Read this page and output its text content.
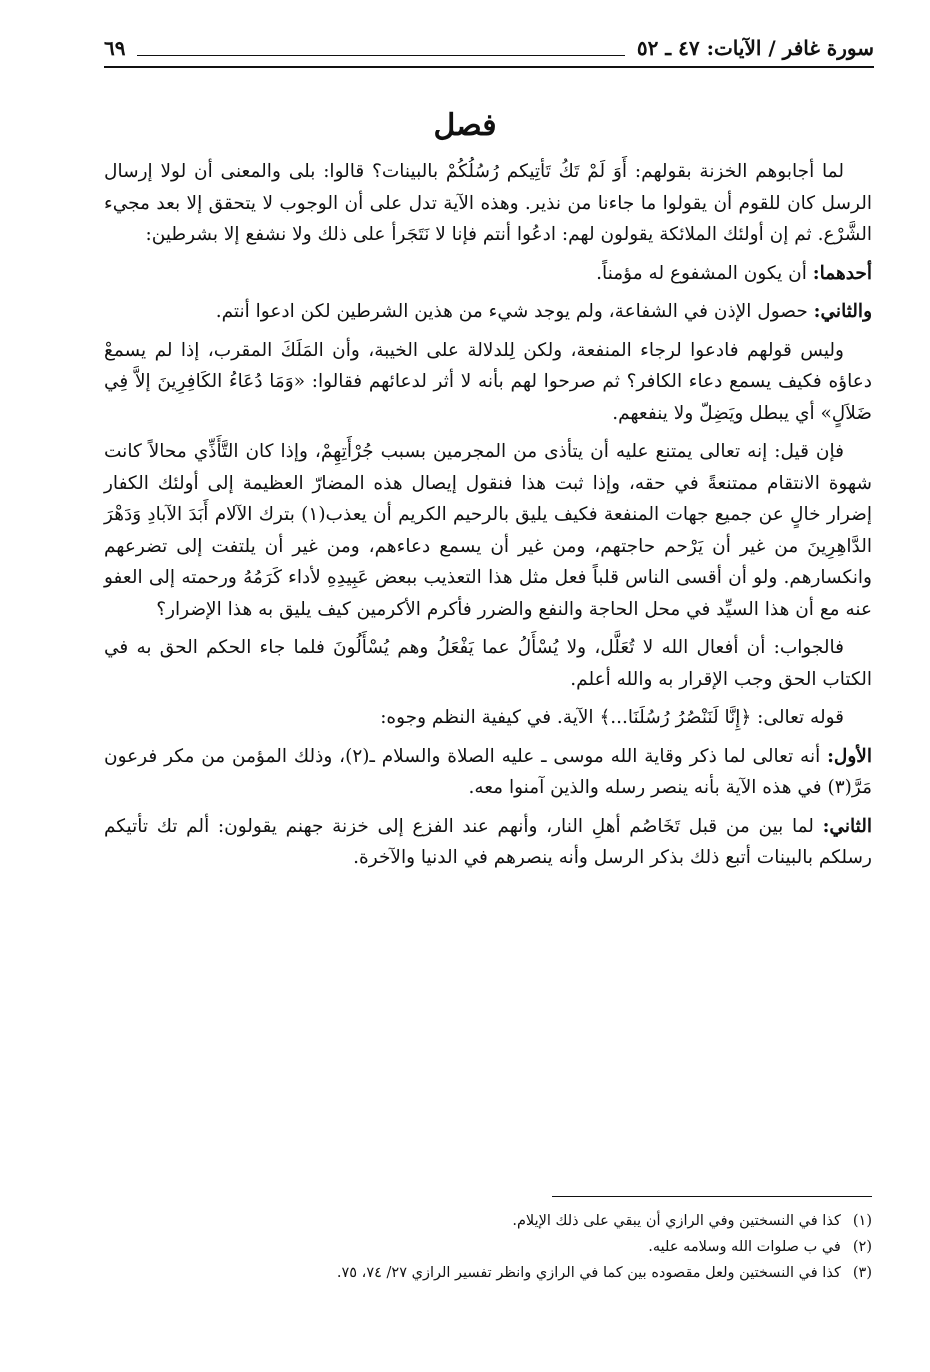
سورة غافر / الآيات: ٤٧ ـ ٥٢
٦٩
فصل

لما أجابوهم الخزنة بقولهم: أَوَ لَمْ تَكُ تَأتِيكم رُسُلُكُمْ بالبينات؟ قالوا: بلى والمعنى أن لولا إرسال الرسل كان للقوم أن يقولوا ما جاءنا من نذير. وهذه الآية تدل على أن الوجوب لا يتحقق إلا بعد مجيء الشَّرْع. ثم إن أولئك الملائكة يقولون لهم: ادعُوا أنتم فإنا لا نَتَجَرأ على ذلك ولا نشفع إلا بشرطين:

أحدهما: أن يكون المشفوع له مؤمناً.

والثاني: حصول الإذن في الشفاعة، ولم يوجد شيء من هذين الشرطين لكن ادعوا أنتم.

وليس قولهم فادعوا لرجاء المنفعة، ولكن لِلدلالة على الخيبة، وأن المَلَكَ المقرب، إذا لم يسمعْ دعاؤه فكيف يسمع دعاء الكافر؟ ثم صرحوا لهم بأنه لا أثر لدعائهم فقالوا: «وَمَا دُعَاءُ الكَافِرِينَ إلاَّ فِي ضَلاَلٍ» أي يبطل ويَضِلّ ولا ينفعهم.

فإن قيل: إنه تعالى يمتنع عليه أن يتأذى من المجرمين بسبب جُرْأَتِهِمْ، وإذا كان التَّأَذِّي محالاً كانت شهوة الانتقام ممتنعةً في حقه، وإذا ثبت هذا فنقول إيصال هذه المضارّ العظيمة إلى أولئك الكفار إضرار خالٍ عن جميع جهات المنفعة فكيف يليق بالرحيم الكريم أن يعذب(١) بترك الآلام أَبَدَ الآبادِ وَدَهْرَ الدَّاهِرِينَ من غير أن يَرْحم حاجتهم، ومن غير أن يسمع دعاءهم، ومن غير أن يلتفت إلى تضرعهم وانكسارهم. ولو أن أقسى الناس قلباً فعل مثل هذا التعذيب ببعض عَبِيدِهِ لأداء كَرَمُهُ ورحمته إلى العفو عنه مع أن هذا السيِّد في محل الحاجة والنفع والضرر فأكرم الأكرمين كيف يليق به هذا الإضرار؟

فالجواب: أن أفعال الله لا تُعَلَّل، ولا يُسْأَلُ عما يَفْعَلُ وهم يُسْأَلُونَ فلما جاء الحكم الحق به في الكتاب الحق وجب الإقرار به والله أعلم.

قوله تعالى: ﴿إِنَّا لَنَنْصُرُ رُسُلَنَا...﴾ الآية. في كيفية النظم وجوه:

الأول: أنه تعالى لما ذكر وقاية الله موسى ـ عليه الصلاة والسلام ـ(٢)، وذلك المؤمن من مكر فرعون مَرَّ(٣) في هذه الآية بأنه ينصر رسله والذين آمنوا معه.

الثاني: لما بين من قبل تَخَاصُم أهلِ النار، وأنهم عند الفزع إلى خزنة جهنم يقولون: ألم تك تأتيكم رسلكم بالبينات أتبع ذلك بذكر الرسل وأنه ينصرهم في الدنيا والآخرة.

(١)كذا في النسختين وفي الرازي أن يبقي على ذلك الإيلام.

(٢)في ب صلوات الله وسلامه عليه.

(٣)كذا في النسختين ولعل مقصوده بين كما في الرازي وانظر تفسير الرازي ٢٧/ ٧٤، ٧٥.
